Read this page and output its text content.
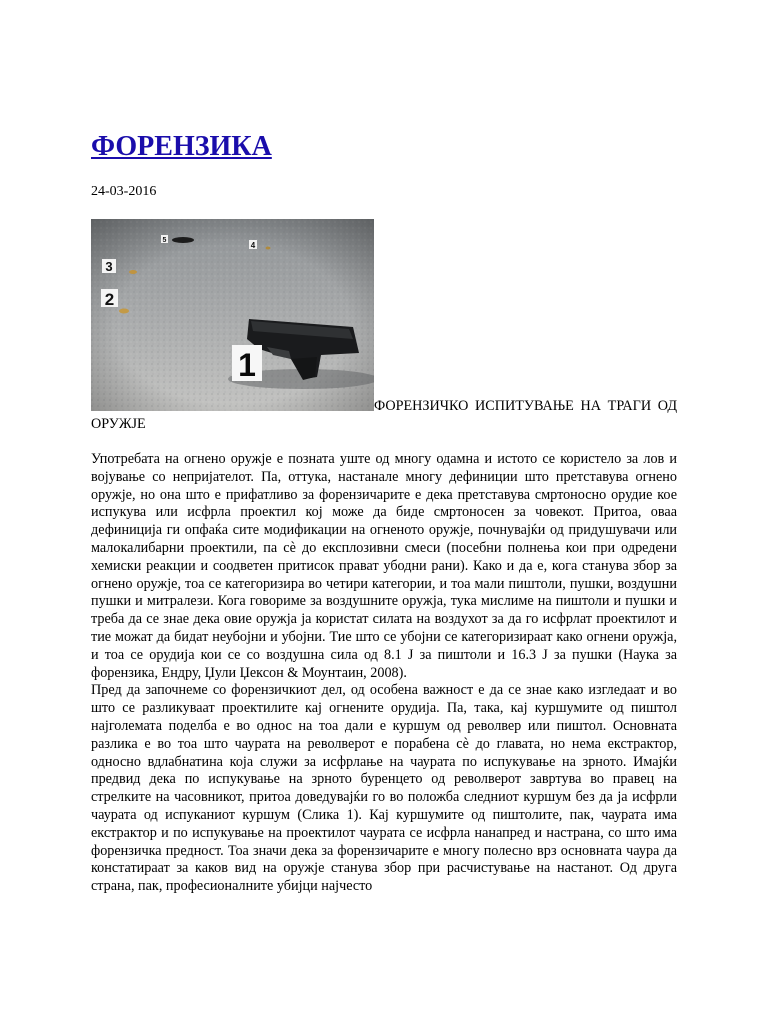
ФОРЕНЗИКА
24-03-2016
5
4
3
2
1
ФОРЕНЗИЧКО ИСПИТУВАЊЕ НА ТРАГИ ОД ОРУЖЈЕ

Употребата на огнено оружје е позната уште од многу одамна и истото се користело за лов и војување со непријателот. Па, оттука, настанале многу дефиниции што претставува огнено оружје, но она што е прифатливо за форензичарите е дека претставува смртоносно орудие кое испукува или исфрла проектил кој може да биде смртоносен за човекот. Притоа, оваа дефиниција ги опфаќа сите модификации на огненото оружје, почнувајќи од придушувачи или малокалибарни проектили, па сè до експлозивни смеси (посебни полнења кои при одредени хемиски реакции и соодветен притисок прават убодни рани). Како и да е, кога станува збор за огнено оружје, тоа се категоризира во четири категории, и тоа мали пиштоли, пушки, воздушни пушки и митралези. Кога говориме за воздушните оружја, тука мислиме на пиштоли и пушки и треба да се знае дека овие оружја ја користат силата на воздухот за да го исфрлат проектилот и тие можат да бидат неубојни и убојни. Тие што се убојни се категоризираат како огнени оружја, и тоа се орудија кои се со воздушна сила од 8.1 J за пиштоли и 16.3 J за пушки (Наука за форензика, Ендру, Џули Џексон & Моунтаин, 2008).

Пред да започнеме со форензичкиот дел, од особена важност е да се знае како изгледаат и во што се разликуваат проектилите кај огнените орудија. Па, така, кај куршумите од пиштол најголемата поделба е во однос на тоа дали е куршум од револвер или пиштол. Основната разлика е во тоа што чаурата на револверот е порабена сè до главата, но нема екстрактор, односно вдлабнатина која служи за исфрлање на чаурата по испукување на зрното. Имајќи предвид дека по испукување на зрното буренцето од револверот завртува во правец на стрелките на часовникот, притоа доведувајќи го во положба следниот куршум без да ја исфрли чаурата од испуканиот куршум (Слика 1). Кај куршумите од пиштолите, пак, чаурата има екстрактор и по испукување на проектилот чаурата се исфрла нанапред и настрана, со што има форензичка предност. Тоа значи дека за форензичарите е многу полесно врз основната чаура да констатираат за каков вид на оружје станува збор при расчистување на настанот. Од друга страна, пак, професионалните убијци најчесто
